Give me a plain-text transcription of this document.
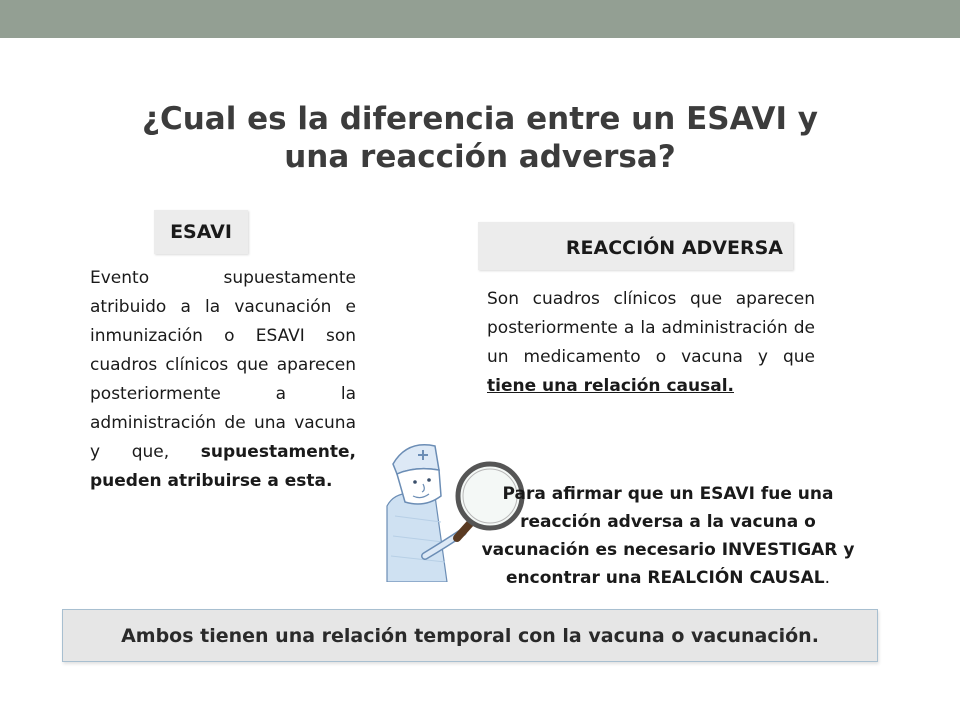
¿Cual es la diferencia entre un ESAVI y
una reacción adversa?
ESAVI
Evento supuestamente atribuido a la vacunación e inmunización o ESAVI son cuadros clínicos que aparecen posteriormente a la administración de una vacuna y que, supuestamente, pueden atribuirse a esta.
REACCIÓN ADVERSA
Son cuadros clínicos que aparecen posteriormente a la administración de un medicamento o vacuna y que tiene una relación causal.
Para afirmar que un ESAVI fue una reacción adversa a la vacuna o vacunación es necesario INVESTIGAR y encontrar una REALCIÓN CAUSAL.
Ambos tienen una relación temporal con la vacuna o vacunación.
